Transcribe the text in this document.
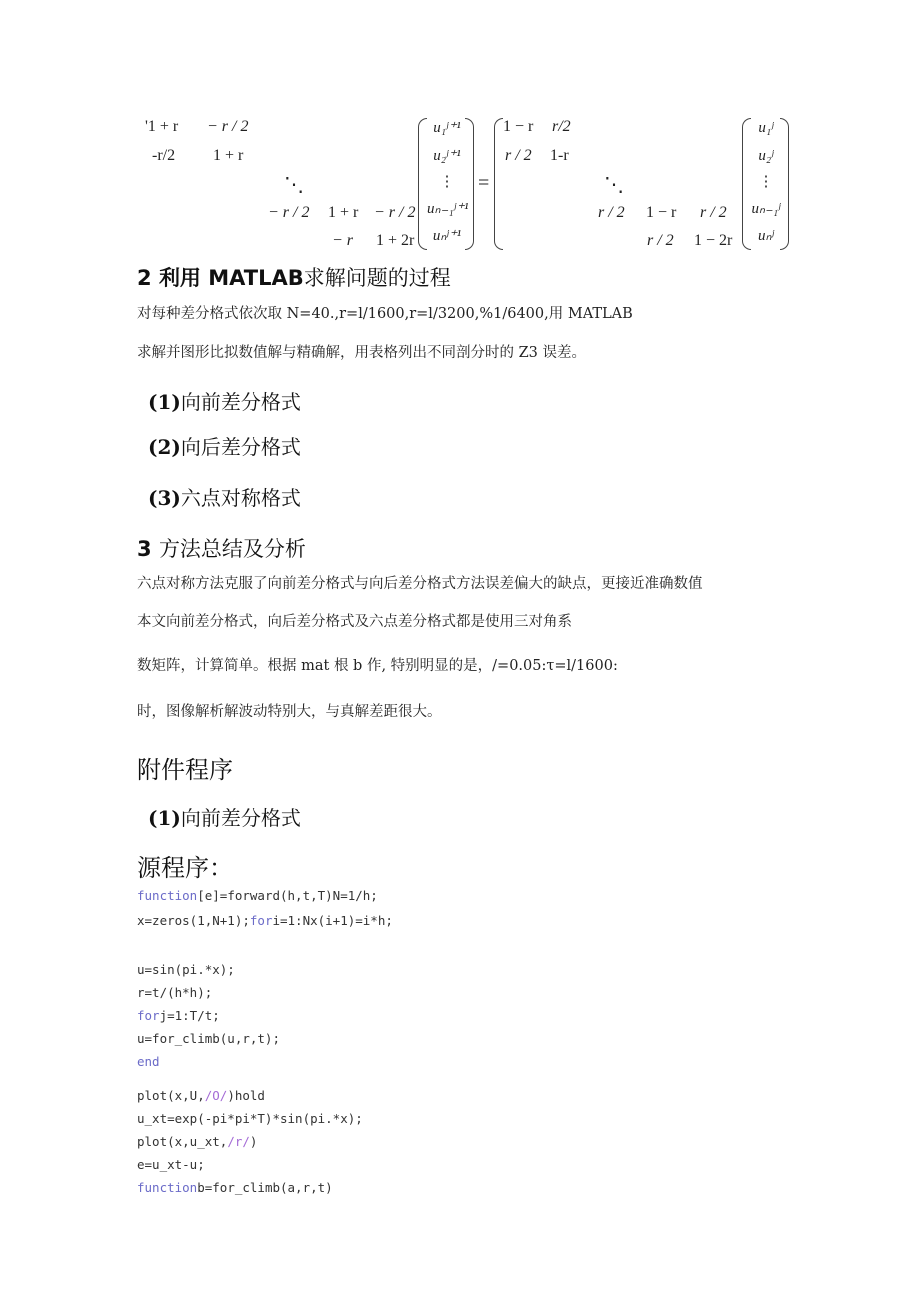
'1 + r − r / 2
-r/2 1 + r
⋱
− r / 2 1 + r − r / 2
− r 1 + 2r
u₁ʲ⁺¹
u₂ʲ⁺¹
⋮
uₙ₋₁ʲ⁺¹
uₙʲ⁺¹
=
1 − r r/2
r / 2 1-r
⋱
r / 2 1 − r r / 2
r / 2 1 − 2r
u₁ʲ
u₂ʲ
⋮
uₙ₋₁ʲ
uₙʲ
2 利用 MATLAB求解问题的过程
对每种差分格式依次取 N=40.,r=l/1600,r=l/3200,%1/6400,用 MATLAB
求解并图形比拟数值解与精确解，用表格列出不同剖分时的 Z3 误差。
(1)向前差分格式
(2)向后差分格式
(3)六点对称格式
3 方法总结及分析
六点对称方法克服了向前差分格式与向后差分格式方法误差偏大的缺点，更接近准确数值
本文向前差分格式，向后差分格式及六点差分格式都是使用三对角系
数矩阵，计算简单。根据 mat 根 b 作, 特别明显的是，/=0.05:τ=l/1600:
时，图像解析解波动特别大，与真解差距很大。
附件程序
(1)向前差分格式
源程序：
function[e]=forward(h,t,T)N=1∕h;
x=zeros(1,N+1);fori=1:Nx(i+1)=i*h;
u=sin(pi.*x);
r=t∕(h*h);
forj=1:T/t;
u=for_climb(u,r,t);
end
plot(x,U,∕O∕)hold
u_xt=exp(-pi*pi*T)*sin(pi.*x);
plot(x,u_xt,∕r∕)
e=u_xt-u;
functionb=for_climb(a,r,t)
